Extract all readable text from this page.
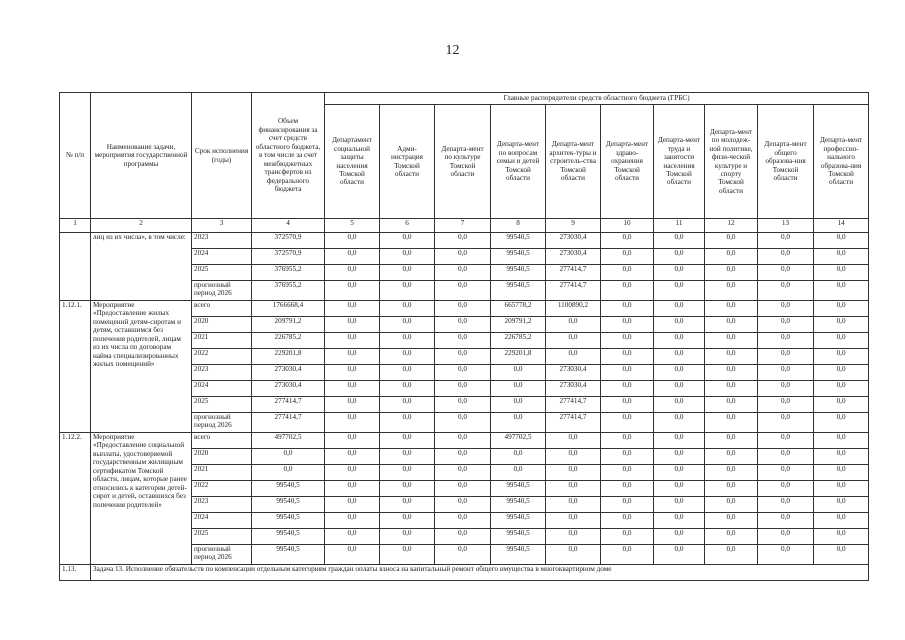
12
№ п/п	Наименование задачи, мероприятия государственной программы	Срок исполнения (годы)	Объем финансирования за счет средств областного бюджета, в том числе за счет межбюджетных трансфертов из федерального бюджета	Главные распорядители средств областного бюджета (ГРБС)									
				Департамент социальной защиты населения Томской области	Адми-нистрация Томской области	Департа-мент по культуре Томской области	Департа-мент по вопросам семьи и детей Томской области	Департа-мент архитек-туры и строитель-ства Томской области	Департа-мент здраво-охранения Томской области	Департа-мент труда и занятости населения Томской области	Департа-мент по молодеж-ной политике, физи-ческой культуре и спорту Томской области	Департа-мент общего образова-ния Томской области	Департа-мент профессио-нального образова-ния Томской области
1	2	3	4	5	6	7	8	9	10	11	12	13	14
	лиц из их числа», в том числе:	2023	372570,9	0,0	0,0	0,0	99540,5	273030,4	0,0	0,0	0,0	0,0	0,0
		2024	372570,9	0,0	0,0	0,0	99540,5	273030,4	0,0	0,0	0,0	0,0	0,0
		2025	376955,2	0,0	0,0	0,0	99540,5	277414,7	0,0	0,0	0,0	0,0	0,0
		прогнозный период 2026	376955,2	0,0	0,0	0,0	99540,5	277414,7	0,0	0,0	0,0	0,0	0,0
1.12.1.	Мероприятие «Предоставление жилых помещений детям-сиротам и детям, оставшимся без попечения родителей, лицам из их числа по договорам найма специализированных жилых помещений»	всего	1766668,4	0,0	0,0	0,0	665778,2	1100890,2	0,0	0,0	0,0	0,0	0,0
		2020	209791,2	0,0	0,0	0,0	209791,2	0,0	0,0	0,0	0,0	0,0	0,0
		2021	226785,2	0,0	0,0	0,0	226785,2	0,0	0,0	0,0	0,0	0,0	0,0
		2022	229201,8	0,0	0,0	0,0	229201,8	0,0	0,0	0,0	0,0	0,0	0,0
		2023	273030,4	0,0	0,0	0,0	0,0	273030,4	0,0	0,0	0,0	0,0	0,0
		2024	273030,4	0,0	0,0	0,0	0,0	273030,4	0,0	0,0	0,0	0,0	0,0
		2025	277414,7	0,0	0,0	0,0	0,0	277414,7	0,0	0,0	0,0	0,0	0,0
		прогнозный период 2026	277414,7	0,0	0,0	0,0	0,0	277414,7	0,0	0,0	0,0	0,0	0,0
1.12.2.	Мероприятие «Предоставление социальной выплаты, удостоверяемой государственным жилищным сертификатом Томской области, лицам, которые ранее относились к категории детей-сирот и детей, оставшихся без попечения родителей»	всего	497702,5	0,0	0,0	0,0	497702,5	0,0	0,0	0,0	0,0	0,0	0,0
		2020	0,0	0,0	0,0	0,0	0,0	0,0	0,0	0,0	0,0	0,0	0,0
		2021	0,0	0,0	0,0	0,0	0,0	0,0	0,0	0,0	0,0	0,0	0,0
		2022	99540,5	0,0	0,0	0,0	99540,5	0,0	0,0	0,0	0,0	0,0	0,0
		2023	99540,5	0,0	0,0	0,0	99540,5	0,0	0,0	0,0	0,0	0,0	0,0
		2024	99540,5	0,0	0,0	0,0	99540,5	0,0	0,0	0,0	0,0	0,0	0,0
		2025	99540,5	0,0	0,0	0,0	99540,5	0,0	0,0	0,0	0,0	0,0	0,0
		прогнозный период 2026	99540,5	0,0	0,0	0,0	99540,5	0,0	0,0	0,0	0,0	0,0	0,0
1.13.	Задача 13. Исполнение обязательств по компенсации отдельным категориям граждан оплаты взноса на капитальный ремонт общего имущества в многоквартирном доме												
